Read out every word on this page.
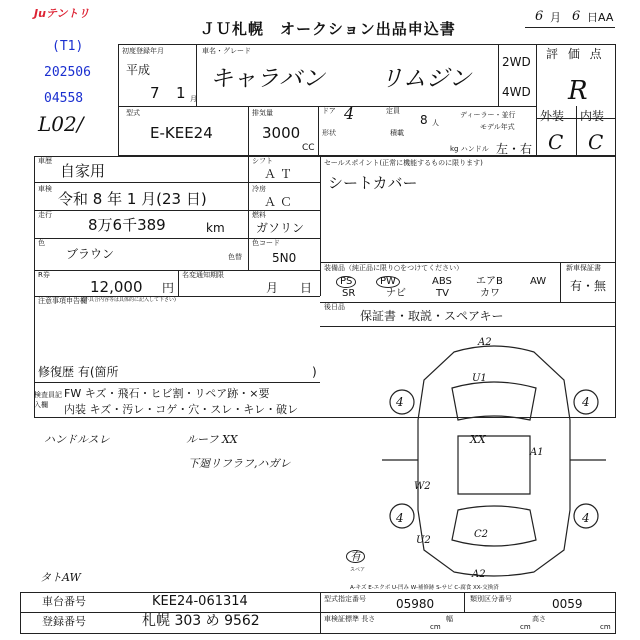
Juテントリ
ＪＵ札幌　オークション出品申込書
6 月 6 日AA
(T1)
202506
04558
L02/
初度登録年月
平成
7 1 月
車名・グレード
キャラバン リムジン
2WD
4WD
評 価 点
R
外装 内装
C C
型式
E-KEE24
排気量
3000
CC
ドア 4	定員
8 人
ディーラー・並行
モデル年式
形状	積載
kg ハンドル 左・右
車歴
自家用
車検
令和 8 年 1 月(23 日)
走行
8万6千389	km
色
ブラウン	色替
R券
12,000 円
名変通知期限
月 日
シフト
ＡＴ
冷房
ＡＣ
燃料
ガソリン
色コード
5N0
セールスポイント(正常に機能するものに限ります)
シートカバー
装備品（純正品に限り○をつけてください）
PS	PW	ABS エアB	AW
SR	ナビ	TV	カワ
新車保証書
有・無
後日品
保証書・取説・スペアキー
注意事項申告欄
(不具合内容等は具体的に記入して下さい)
修復歴 有(箇所	)
検査員記入欄
FW キズ・飛石・ヒビ割・リペア跡・×要
内装 キズ・汚レ・コゲ・穴・スレ・キレ・破レ
ハンドルスレ	ルーフ XX
下廻リフラフ,ハガレ
タトAW
A2
U1
4	4
XX
A1
W2
4	4
U2
C2
A2
有
スペア
A-キズ E-エクボ U-凹み W-補修跡 S-サビ C-腐食 XX-交換済
車台番号	KEE24-061314
登録番号	札幌 303 め 9562
型式指定番号	05980	類別区分番号	0059
車検証標準 長さ
cm
幅
cm
高さ
cm
